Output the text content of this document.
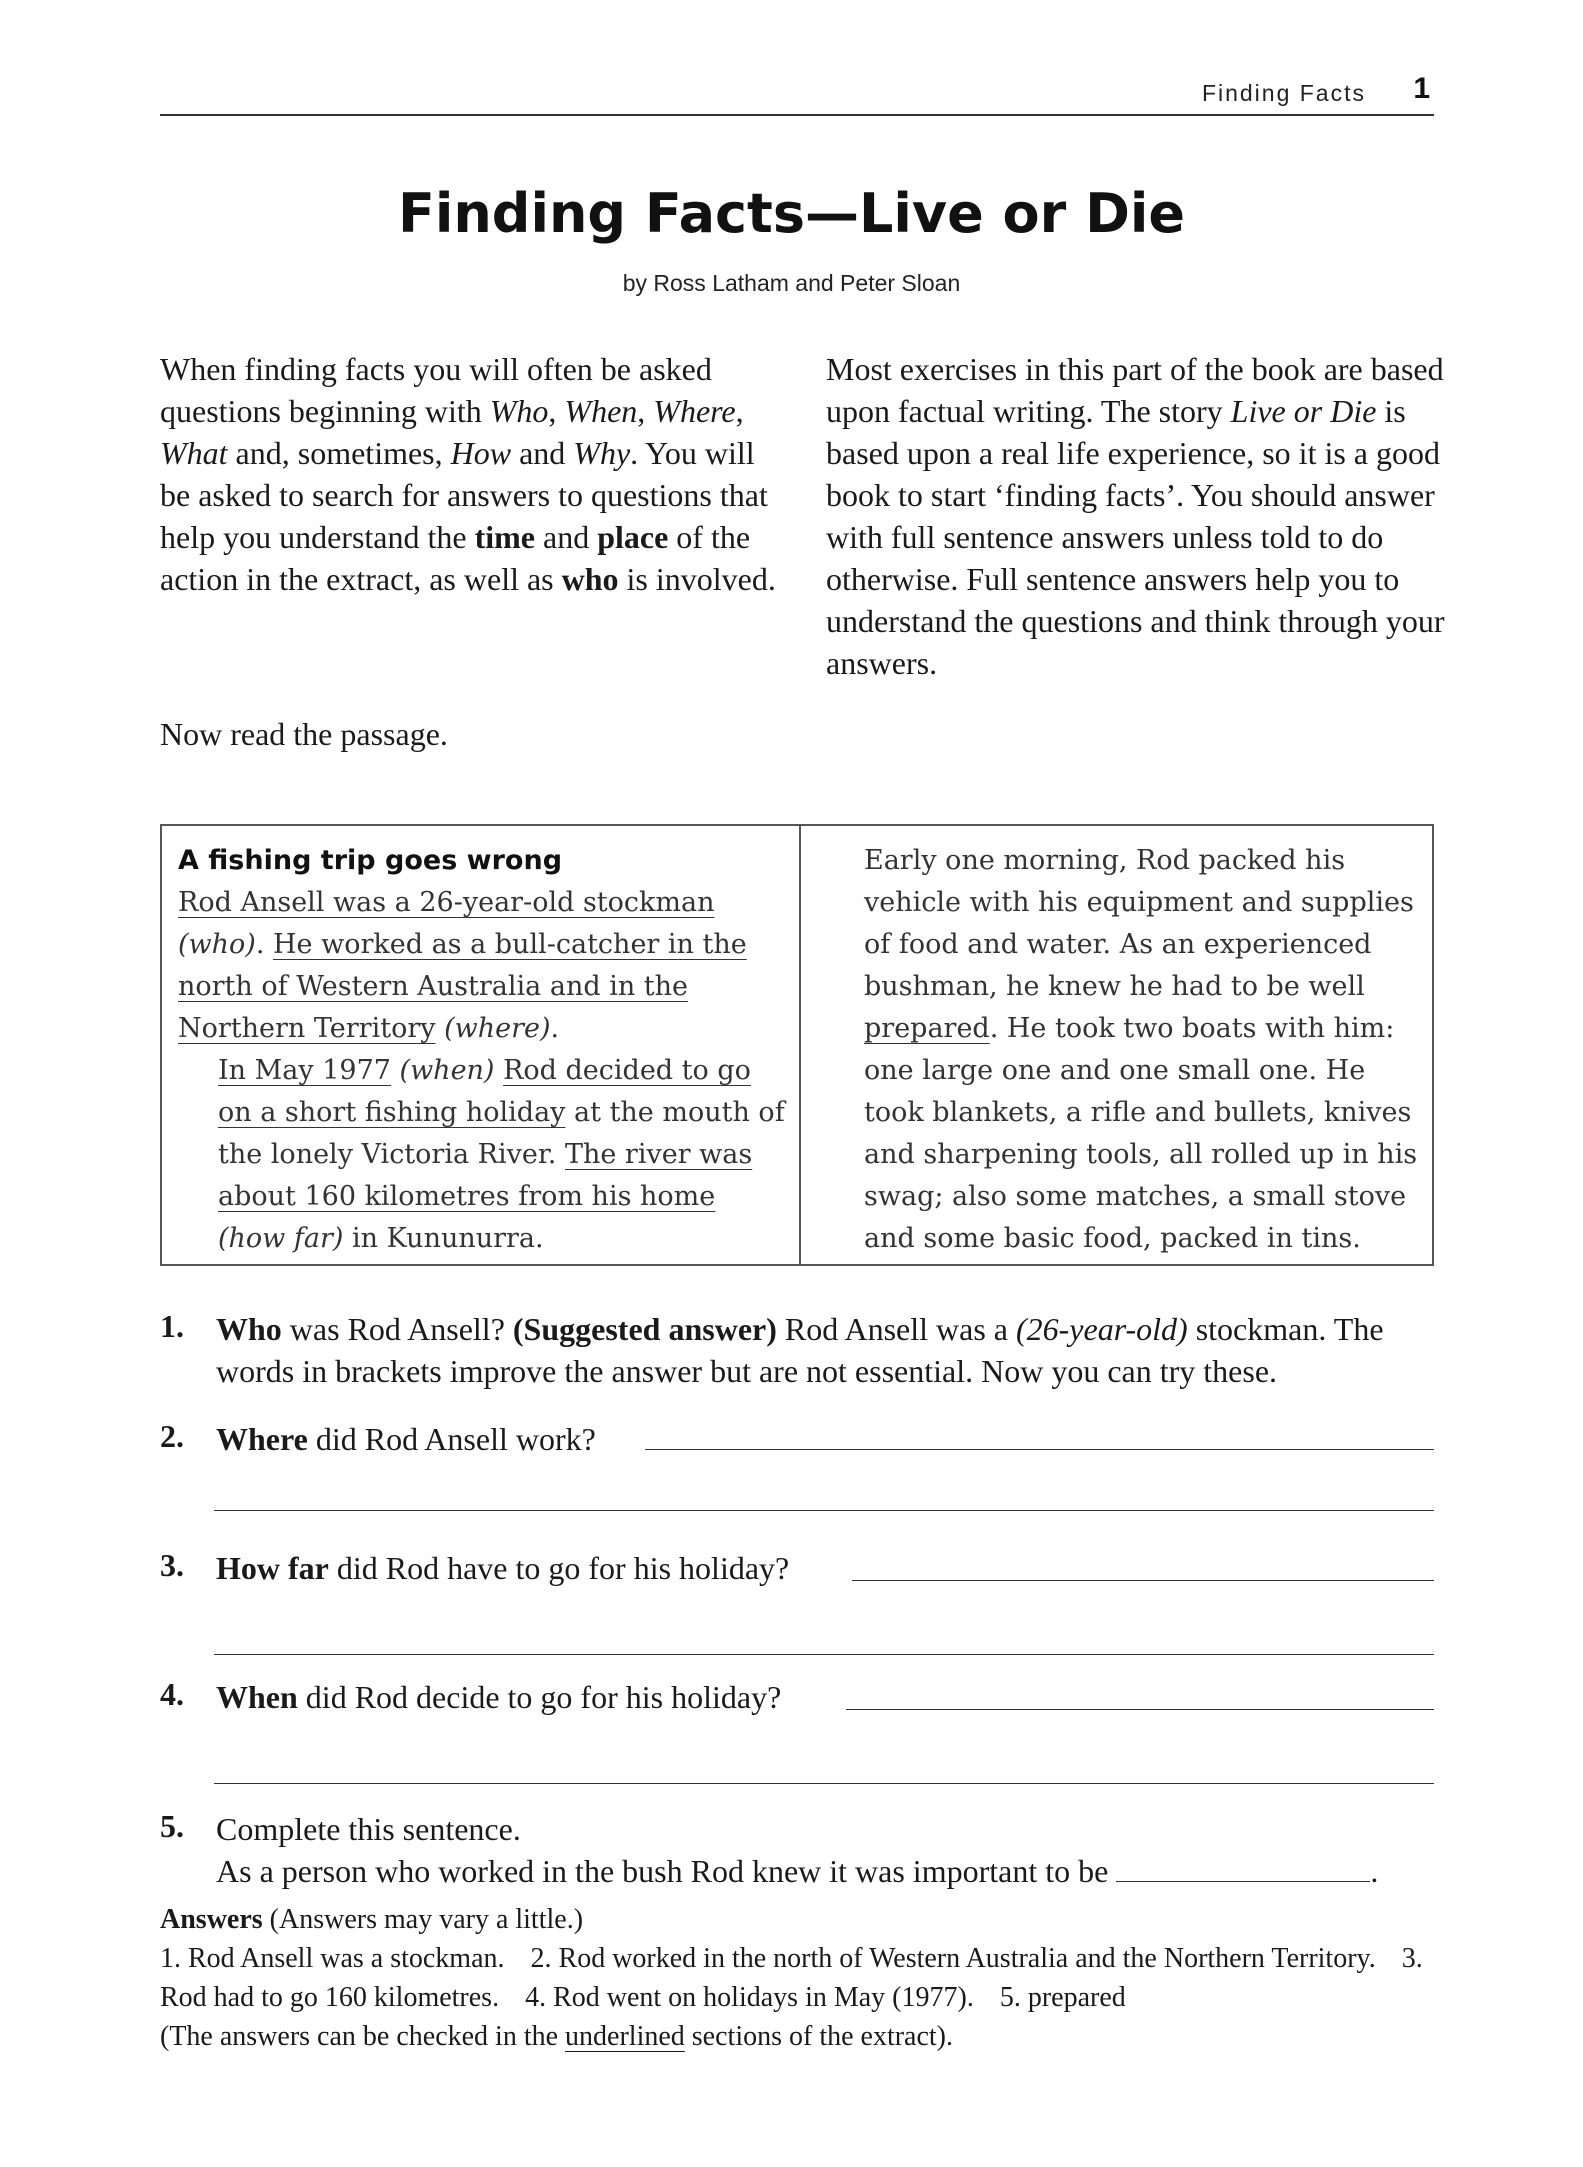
Finding Facts 1
Finding Facts—Live or Die
by Ross Latham and Peter Sloan
When finding facts you will often be asked questions beginning with Who, When, Where, What and, sometimes, How and Why. You will be asked to search for answers to questions that help you understand the time and place of the action in the extract, as well as who is involved.
Most exercises in this part of the book are based upon factual writing. The story Live or Die is based upon a real life experience, so it is a good book to start ‘finding facts’. You should answer with full sentence answers unless told to do otherwise. Full sentence answers help you to understand the questions and think through your answers.
Now read the passage.
A fishing trip goes wrong
Rod Ansell was a 26-year-old stockman (who). He worked as a bull-catcher in the north of Western Australia and in the Northern Territory (where).
In May 1977 (when) Rod decided to go on a short fishing holiday at the mouth of the lonely Victoria River. The river was about 160 kilometres from his home (how far) in Kununurra.
Early one morning, Rod packed his vehicle with his equipment and supplies of food and water. As an experienced bushman, he knew he had to be well prepared. He took two boats with him: one large one and one small one. He took blankets, a rifle and bullets, knives and sharpening tools, all rolled up in his swag; also some matches, a small stove and some basic food, packed in tins.
1. Who was Rod Ansell? (Suggested answer) Rod Ansell was a (26-year-old) stockman. The words in brackets improve the answer but are not essential. Now you can try these.
2. Where did Rod Ansell work?
3. How far did Rod have to go for his holiday?
4. When did Rod decide to go for his holiday?
5. Complete this sentence.
As a person who worked in the bush Rod knew it was important to be	.
Answers (Answers may vary a little.)
1. Rod Ansell was a stockman. 2. Rod worked in the north of Western Australia and the Northern Territory. 3. Rod had to go 160 kilometres. 4. Rod went on holidays in May (1977). 5. prepared
(The answers can be checked in the underlined sections of the extract).
